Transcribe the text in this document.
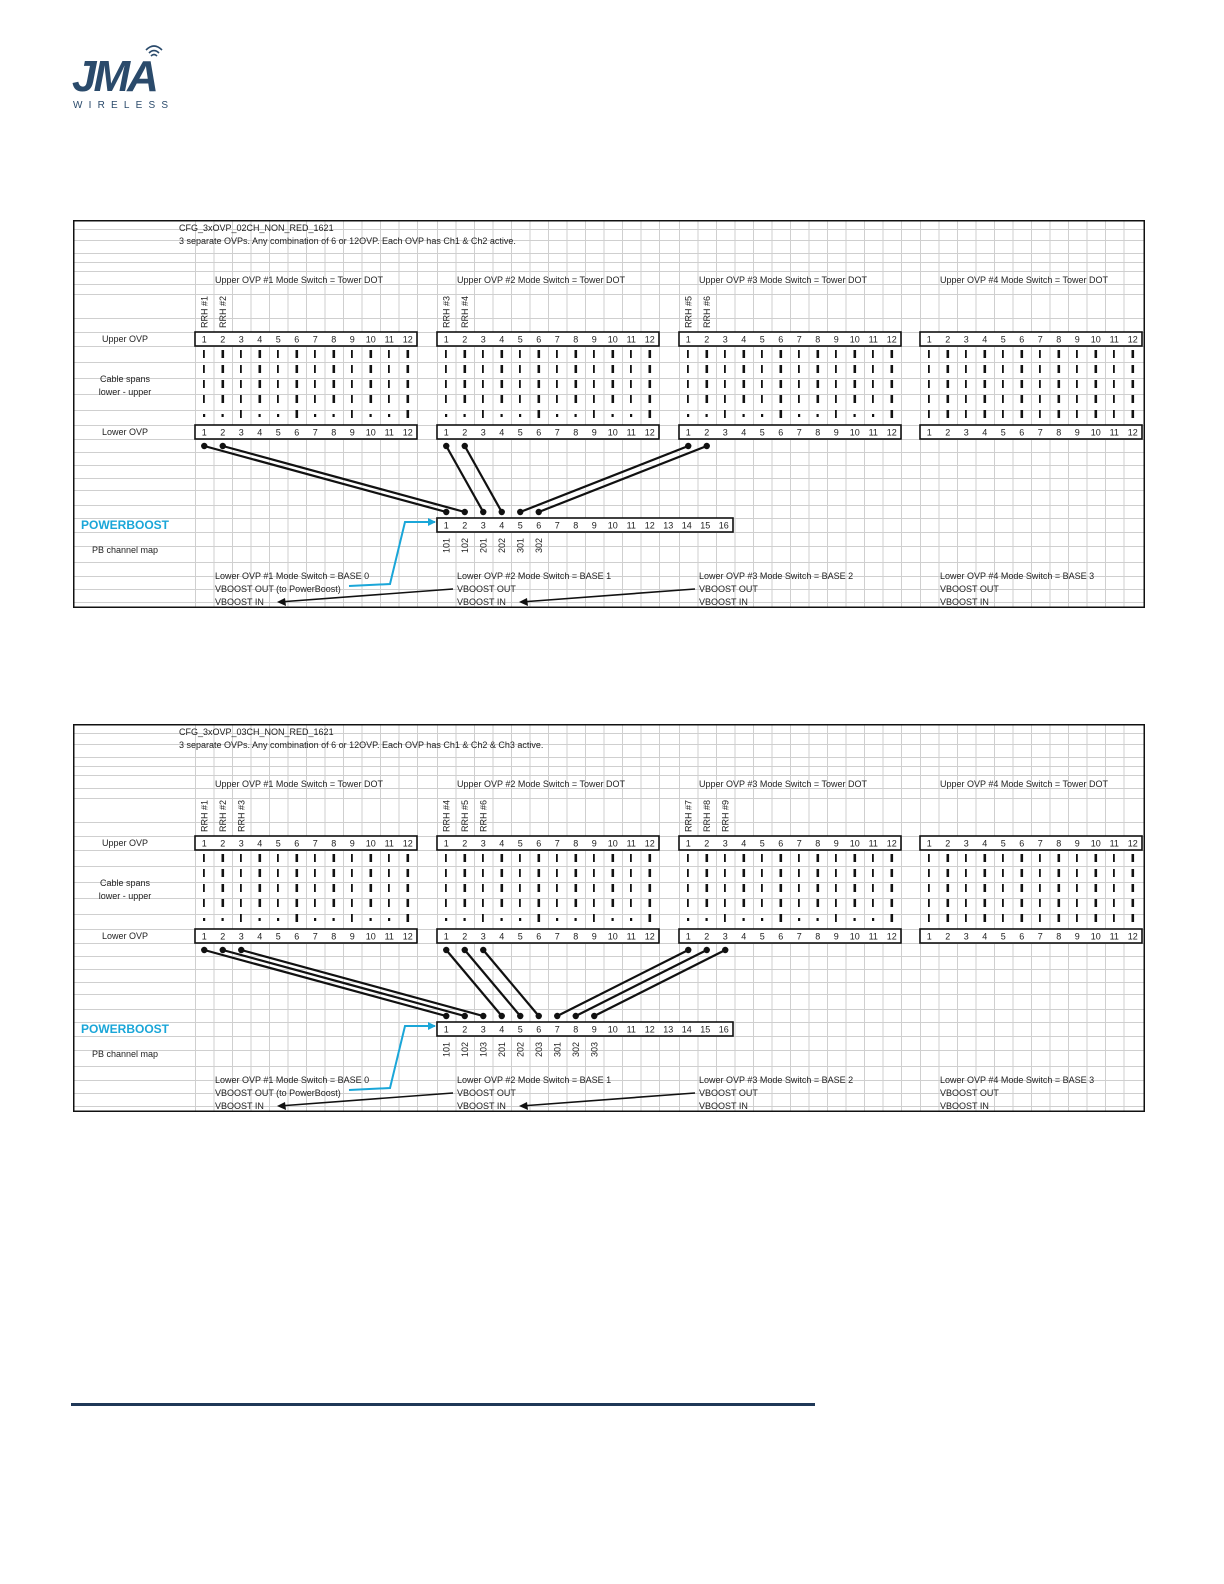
JMA
WIRELESS
CFG_3xOVP_02CH_NON_RED_1621
3 separate OVPs. Any combination of 6 or 12OVP. Each OVP has Ch1 & Ch2 active.
Upper OVP
Cable spans
lower - upper
Lower OVP
POWERBOOST
PB channel map
Upper OVP #1 Mode Switch = Tower DOT
Lower OVP #1 Mode Switch = BASE 0
VBOOST OUT (to PowerBoost)
VBOOST IN
1 2 3 4 5 6 7 8 9 10 11 12
1 2 3 4 5 6 7 8 9 10 11 12
Upper OVP #2 Mode Switch = Tower DOT
Lower OVP #2 Mode Switch = BASE 1
VBOOST OUT
VBOOST IN
1 2 3 4 5 6 7 8 9 10 11 12
1 2 3 4 5 6 7 8 9 10 11 12
Upper OVP #3 Mode Switch = Tower DOT
Lower OVP #3 Mode Switch = BASE 2
VBOOST OUT
VBOOST IN
1 2 3 4 5 6 7 8 9 10 11 12
1 2 3 4 5 6 7 8 9 10 11 12
Upper OVP #4 Mode Switch = Tower DOT
Lower OVP #4 Mode Switch = BASE 3
VBOOST OUT
VBOOST IN
1 2 3 4 5 6 7 8 9 10 11 12
1 2 3 4 5 6 7 8 9 10 11 12
1 2 3 4 5 6 7 8 9 10 11 12 13 14 15 16
RRH #1 RRH #2	RRH #3 RRH #4	RRH #5 RRH #6
101 102 201 202 301 302
CFG_3xOVP_03CH_NON_RED_1621
3 separate OVPs. Any combination of 6 or 12OVP. Each OVP has Ch1 & Ch2 & Ch3 active.
Upper OVP
Cable spans
lower - upper
Lower OVP
POWERBOOST
PB channel map
Upper OVP #1 Mode Switch = Tower DOT
Lower OVP #1 Mode Switch = BASE 0
VBOOST OUT (to PowerBoost)
VBOOST IN
1 2 3 4 5 6 7 8 9 10 11 12
1 2 3 4 5 6 7 8 9 10 11 12
Upper OVP #2 Mode Switch = Tower DOT
Lower OVP #2 Mode Switch = BASE 1
VBOOST OUT
VBOOST IN
1 2 3 4 5 6 7 8 9 10 11 12
1 2 3 4 5 6 7 8 9 10 11 12
Upper OVP #3 Mode Switch = Tower DOT
Lower OVP #3 Mode Switch = BASE 2
VBOOST OUT
VBOOST IN
1 2 3 4 5 6 7 8 9 10 11 12
1 2 3 4 5 6 7 8 9 10 11 12
Upper OVP #4 Mode Switch = Tower DOT
Lower OVP #4 Mode Switch = BASE 3
VBOOST OUT
VBOOST IN
1 2 3 4 5 6 7 8 9 10 11 12
1 2 3 4 5 6 7 8 9 10 11 12
1 2 3 4 5 6 7 8 9 10 11 12 13 14 15 16
RRH #1 RRH #2 RRH #3	RRH #4 RRH #5 RRH #6	RRH #7 RRH #8 RRH #9
101 102 103 201 202 203 301 302 303
